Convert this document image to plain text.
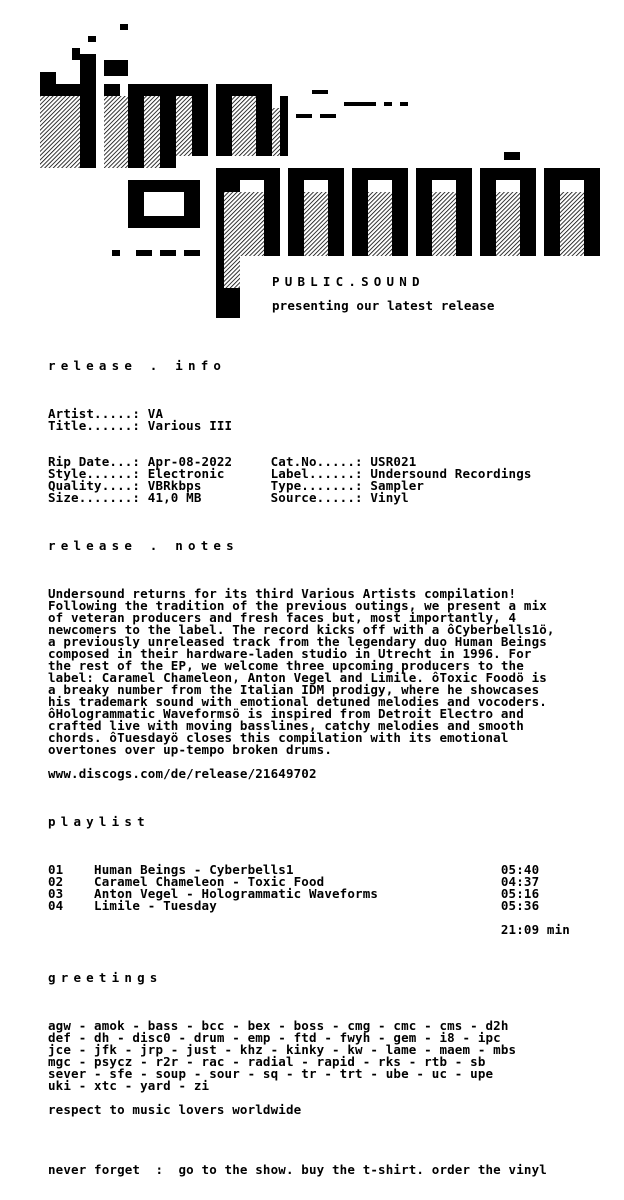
PUBLIC.SOUND
presenting our latest release
release . info
Artist.....: VA
Title......: Various III
Rip Date...: Apr-08-2022     Cat.No.....: USR021
Style......: Electronic      Label......: Undersound Recordings
Quality....: VBRkbps         Type.......: Sampler
Size.......: 41,0 MB         Source.....: Vinyl
release . notes
Undersound returns for its third Various Artists compilation!
Following the tradition of the previous outings, we present a mix
of veteran producers and fresh faces but, most importantly, 4
newcomers to the label. The record kicks off with a ôCyberbells1ö,
a previously unreleased track from the legendary duo Human Beings
composed in their hardware-laden studio in Utrecht in 1996. For
the rest of the EP, we welcome three upcoming producers to the
label: Caramel Chameleon, Anton Vegel and Limile. ôToxic Foodö is
a breaky number from the Italian IDM prodigy, where he showcases
his trademark sound with emotional detuned melodies and vocoders.
ôHologrammatic Waveformsö is inspired from Detroit Electro and
crafted live with moving basslines, catchy melodies and smooth
chords. ôTuesdayö closes this compilation with its emotional
overtones over up-tempo broken drums.
www.discogs.com/de/release/21649702
playlist
01    Human Beings - Cyberbells1                           05:40
02    Caramel Chameleon - Toxic Food                       04:37
03    Anton Vegel - Hologrammatic Waveforms                05:16
04    Limile - Tuesday                                     05:36
21:09 min
greetings
agw - amok - bass - bcc - bex - boss - cmg - cmc - cms - d2h
def - dh - disc0 - drum - emp - ftd - fwyh - gem - i8 - ipc
jce - jfk - jrp - just - khz - kinky - kw - lame - maem - mbs
mgc - psycz - r2r - rac - radial - rapid - rks - rtb - sb
sever - sfe - soup - sour - sq - tr - trt - ube - uc - upe
uki - xtc - yard - zi
respect to music lovers worldwide
never forget  :  go to the show. buy the t-shirt. order the vinyl
